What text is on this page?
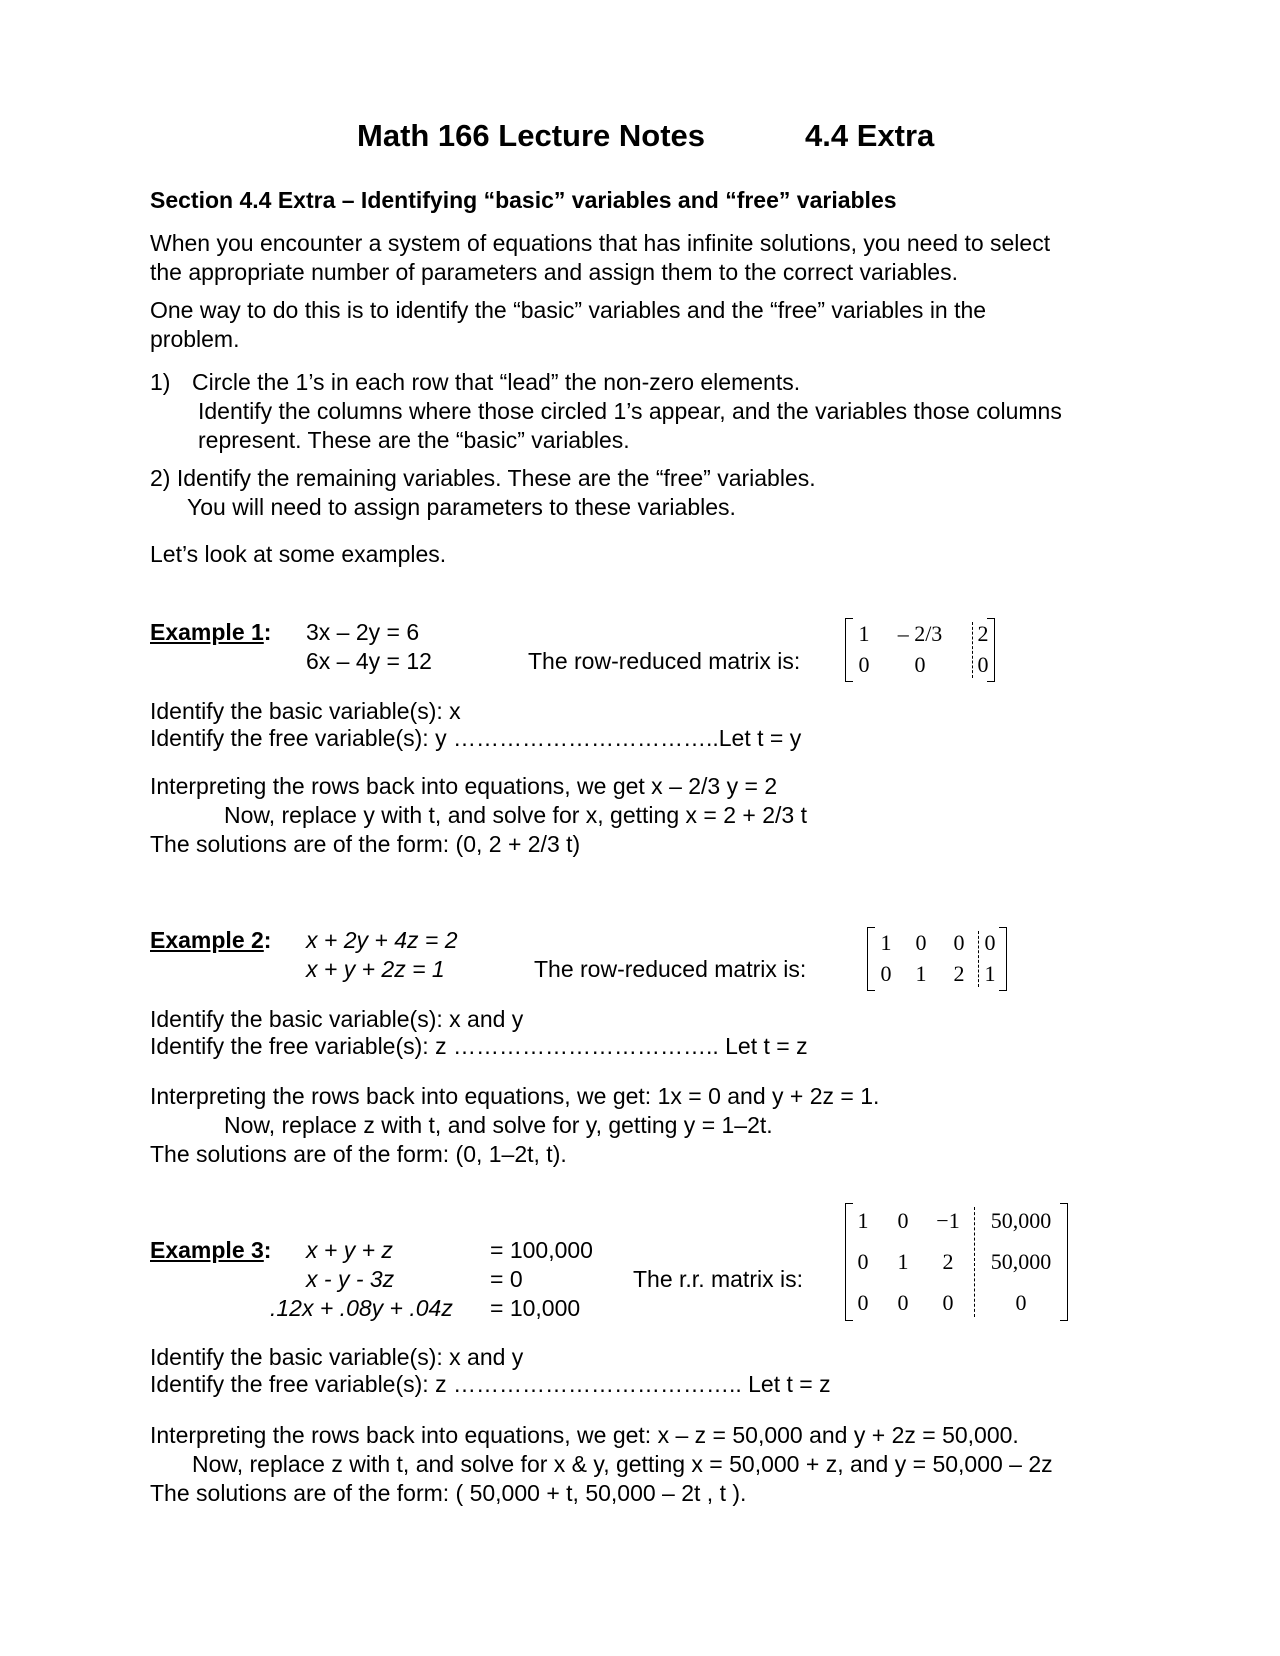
Math 166 Lecture Notes	4.4 Extra
Section 4.4 Extra – Identifying “basic” variables and “free” variables
When you encounter a system of equations that has infinite solutions, you need to select
the appropriate number of parameters and assign them to the correct variables.
One way to do this is to identify the “basic” variables and the “free” variables in the
problem.
1) Circle the 1’s in each row that “lead” the non-zero elements.
Identify the columns where those circled 1’s appear, and the variables those columns
represent. These are the “basic” variables.
2) Identify the remaining variables. These are the “free” variables.
You will need to assign parameters to these variables.
Let’s look at some examples.
Example 1: 3x – 2y = 6
6x – 4y = 12	The row-reduced matrix is:
1	– 2/3	2
0	0	0
Identify the basic variable(s): x
Identify the free variable(s): y ……………………………..Let t = y
Interpreting the rows back into equations, we get x – 2/3 y = 2
Now, replace y with t, and solve for x, getting x = 2 + 2/3 t
The solutions are of the form: (0, 2 + 2/3 t)
Example 2: x + 2y + 4z = 2
x + y + 2z = 1	The row-reduced matrix is:
1 0 0 0
0 1 2 1
Identify the basic variable(s): x and y
Identify the free variable(s): z …………………………….. Let t = z
Interpreting the rows back into equations, we get: 1x = 0 and y + 2z = 1.
Now, replace z with t, and solve for y, getting y = 1–2t.
The solutions are of the form: (0, 1–2t, t).
Example 3: x + y + z	= 100,000
x - y - 3z	= 0
.12x + .08y + .04z = 10,000
The r.r. matrix is:
1 0	−1	50,000
0 1	2	50,000
0 0	0	0
Identify the basic variable(s): x and y
Identify the free variable(s): z ……………………………….. Let t = z
Interpreting the rows back into equations, we get: x – z = 50,000 and y + 2z = 50,000.
Now, replace z with t, and solve for x & y, getting x = 50,000 + z, and y = 50,000 – 2z
The solutions are of the form: ( 50,000 + t, 50,000 – 2t , t ).
